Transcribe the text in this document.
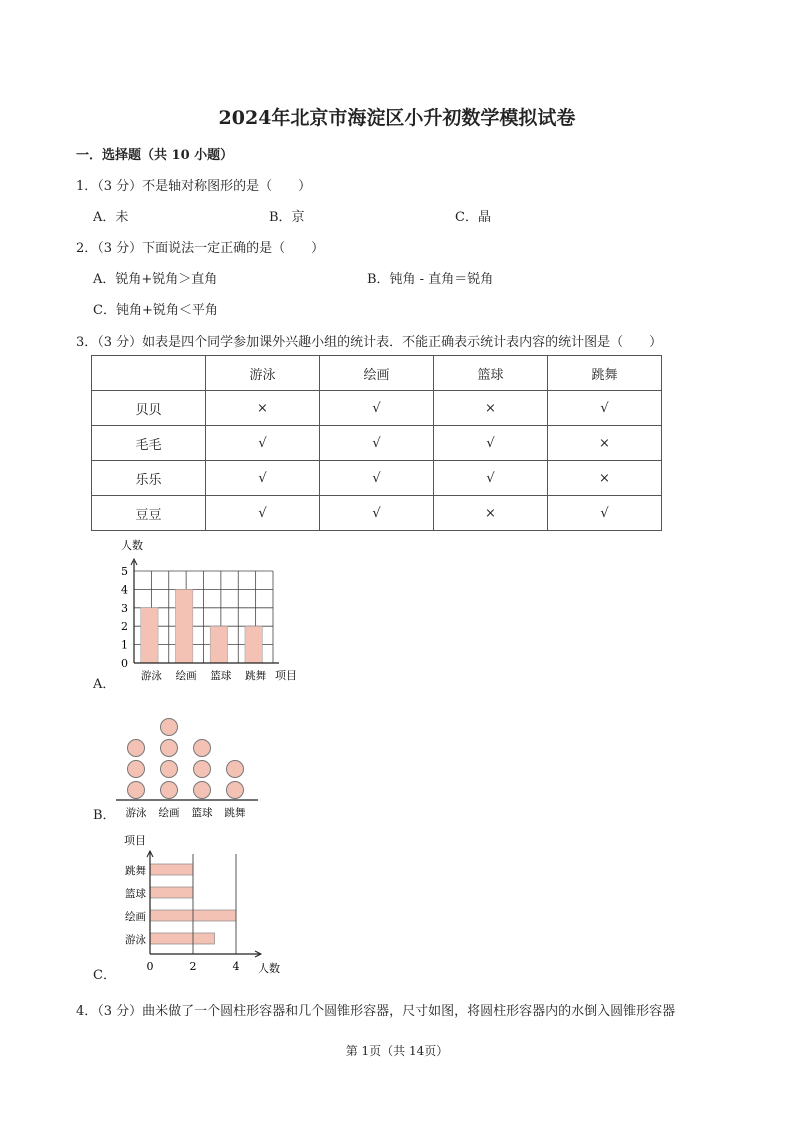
2024年北京市海淀区小升初数学模拟试卷
一．选择题（共 10 小题）
1．（3 分）不是轴对称图形的是（　　）
A．未	B．京	C．晶
2．（3 分）下面说法一定正确的是（　　）
A．锐角+锐角＞直角	B．钝角 - 直角＝锐角
C．钝角+锐角＜平角
3．（3 分）如表是四个同学参加课外兴趣小组的统计表．不能正确表示统计表内容的统计图是（　　）
	游泳	绘画	篮球	跳舞
贝贝	×	√	×	√
毛毛	√	√	√	×
乐乐	√	√	√	×
豆豆	√	√	×	√
A．
人数
0
1
2
3
4
5
游泳 绘画 篮球 跳舞 项目
B． 游泳 绘画 篮球 跳舞
C．
项目
跳舞
篮球
绘画
游泳
0	2	4 人数
4．（3 分）曲米做了一个圆柱形容器和几个圆锥形容器，尺寸如图，将圆柱形容器内的水倒入圆锥形容器
第 1页（共 14页）
